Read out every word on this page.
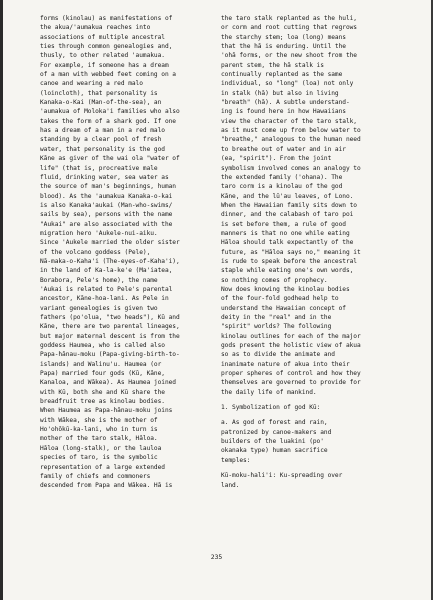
forms (kinolau) as manifestations of
the akua/'aumakua reaches into
associations of multiple ancestral
ties through common genealogies and,
thusly, to other related 'aumakua.
For example, if someone has a dream
of a man with webbed feet coming on a
canoe and wearing a red malo
(loincloth), that personality is
Kanaka-o-Kai (Man-of-the-sea), an
'aumakua of Moloka'i families who also
takes the form of a shark god. If one
has a dream of a man in a red malo
standing by a clear pool of fresh
water, that personality is the god
Kāne as giver of the wai ola "water of
life" (that is, procreative male
fluid, drinking water, sea water as
the source of man's beginnings, human
blood). As the 'aumakua Kanaka-o-kai
is also Kanaka'aukai (Man-who-swims/
sails by sea), persons with the name
"Aukai" are also associated with the
migration hero 'Aukele-nui-aiku.
Since 'Aukele married the older sister
of the volcano goddess (Pele),
Nā-maka-o-Kaha'i (The-eyes-of-Kaha'i),
in the land of Ka-la-ke'e (Ma'iatea,
Borabora, Pele's home), the name
'Aukai is related to Pele's parental
ancestor, Kāne-hoa-lani. As Pele in
variant genealogies is given two
fathers (po'olua, "two heads"), Kū and
Kāne, there are two parental lineages,
but major maternal descent is from the
goddess Haumea, who is called also
Papa-hānau-moku (Papa-giving-birth-to-
islands) and Walinu'u. Haumea (or
Papa) married four gods (Kū, Kāne,
Kanaloa, and Wākea). As Haumea joined
with Kū, both she and Kū share the
breadfruit tree as kinolau bodies.
When Haumea as Papa-hānau-moku joins
with Wākea, she is the mother of
Ho'ohōkū-ka-lani, who in turn is
mother of the taro stalk, Hāloa.
Hāloa (long-stalk), or the lauloa
species of taro, is the symbolic
representation of a large extended
family of chiefs and commoners
descended from Papa and Wākea. Hā is
the taro stalk replanted as the huli,
or corm and root cutting that regrows
the starchy stem; loa (long) means
that the hā is enduring. Until the
'ohā forms, or the new shoot from the
parent stem, the hā stalk is
continually replanted as the same
individual, so "long" (loa) not only
in stalk (hā) but also in living
"breath" (hā). A subtle understand-
ing is found here in how Hawaiians
view the character of the taro stalk,
as it must come up from below water to
"breathe," analogous to the human need
to breathe out of water and in air
(ea, "spirit"). From the joint
symbolism involved comes an analogy to
the extended family ('ohana). The
taro corm is a kinolau of the god
Kāne, and the lū'au leaves, of Lono.
When the Hawaiian family sits down to
dinner, and the calabash of taro poi
is set before them, a rule of good
manners is that no one while eating
Hāloa should talk expectantly of the
future, as "Hāloa says no," meaning it
is rude to speak before the ancestral
staple while eating one's own words,
so nothing comes of prophecy.
Now does knowing the kinolau bodies
of the four-fold godhead help to
understand the Hawaiian concept of
deity in the "real" and in the
"spirit" worlds? The following
kinolau outlines for each of the major
gods present the holistic view of akua
so as to divide the animate and
inanimate nature of akua into their
proper spheres of control and how they
themselves are governed to provide for
the daily life of mankind.
1. Symbolization of god Kū:
a. As god of forest and rain,
patronized by canoe-makers and
builders of the luakini (po'
okanaka type) human sacrifice
temples:
Kū-moku-hali'i: Ku-spreading over
land.
235
